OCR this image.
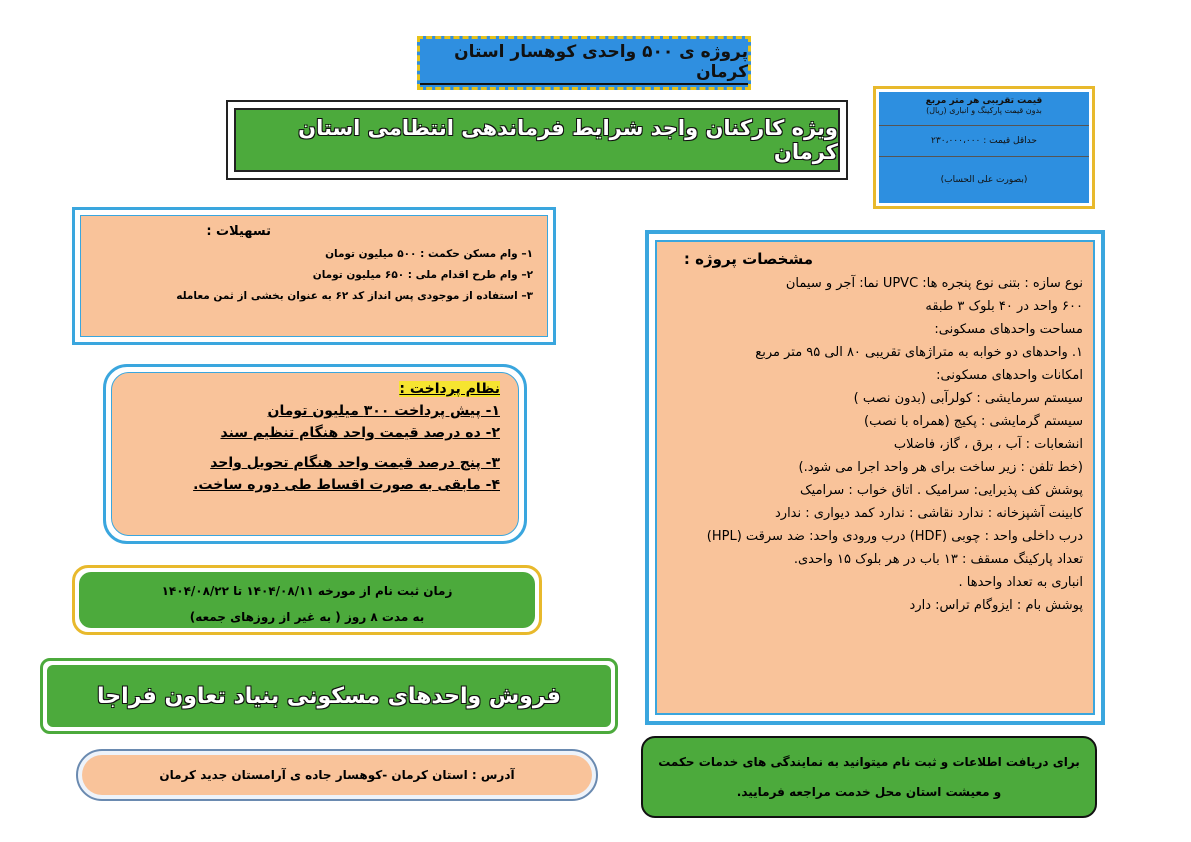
پروژه ی ۵۰۰ واحدی کوهسار استان کرمان
ویژه کارکنان واجد شرایط فرماندهی انتظامی استان کرمان
قیمت تقریبی هر متر مربع
بدون قیمت پارکینگ و انباری (ریال)
حداقل قیمت : ۲۳۰،۰۰۰،۰۰۰
(بصورت علی الحساب)
تسهیلات :
۱– وام مسکن حکمت : ۵۰۰ میلیون تومان
۲– وام طرح اقدام ملی : ۶۵۰ میلیون تومان
۳– استفاده از موجودی پس انداز کد ۶۲ به عنوان بخشی از ثمن معامله
نظام پرداخت :
۱- پیش پرداخت ۳۰۰ میلیون تومان
۲- ده درصد قیمت واحد هنگام تنظیم سند
۳- پنج درصد قیمت واحد هنگام تحویل واحد
۴- مابقی به صورت اقساط طی دوره ساخت.
زمان ثبت نام از مورخه ۱۴۰۴/۰۸/۱۱ تا ۱۴۰۴/۰۸/۲۲
به مدت ۸ روز ( به غیر از روزهای جمعه)
فروش واحدهای مسکونی بنیاد تعاون فراجا
آدرس : استان کرمان -کوهسار جاده ی آرامستان جدید کرمان
مشخصات پروژه :
نوع سازه : بتنی نوع پنجره ها: UPVC نما: آجر و سیمان
۶۰۰ واحد در ۴۰ بلوک ۳ طبقه
مساحت واحدهای مسکونی:
۱. واحدهای دو خوابه به متراژهای تقریبی ۸۰ الی ۹۵ متر مربع
امکانات واحدهای مسکونی:
سیستم سرمایشی : کولرآبی (بدون نصب )
سیستم گرمایشی : پکیج (همراه با نصب)
انشعابات : آب ، برق ، گاز، فاضلاب
(خط تلفن : زیر ساخت برای هر واحد اجرا می شود.)
پوشش کف پذیرایی: سرامیک . اتاق خواب : سرامیک
کابینت آشپزخانه : ندارد نقاشی : ندارد کمد دیواری : ندارد
درب داخلی واحد : چوبی (HDF) درب ورودی واحد: ضد سرقت (HPL)
تعداد پارکینگ مسقف : ۱۳ باب در هر بلوک ۱۵ واحدی.
انباری به تعداد واحدها .
پوشش بام : ایزوگام تراس: دارد
برای دریافت اطلاعات و ثبت نام میتوانید به نمایندگی های خدمات حکمت
و معیشت استان محل خدمت مراجعه فرمایید.
